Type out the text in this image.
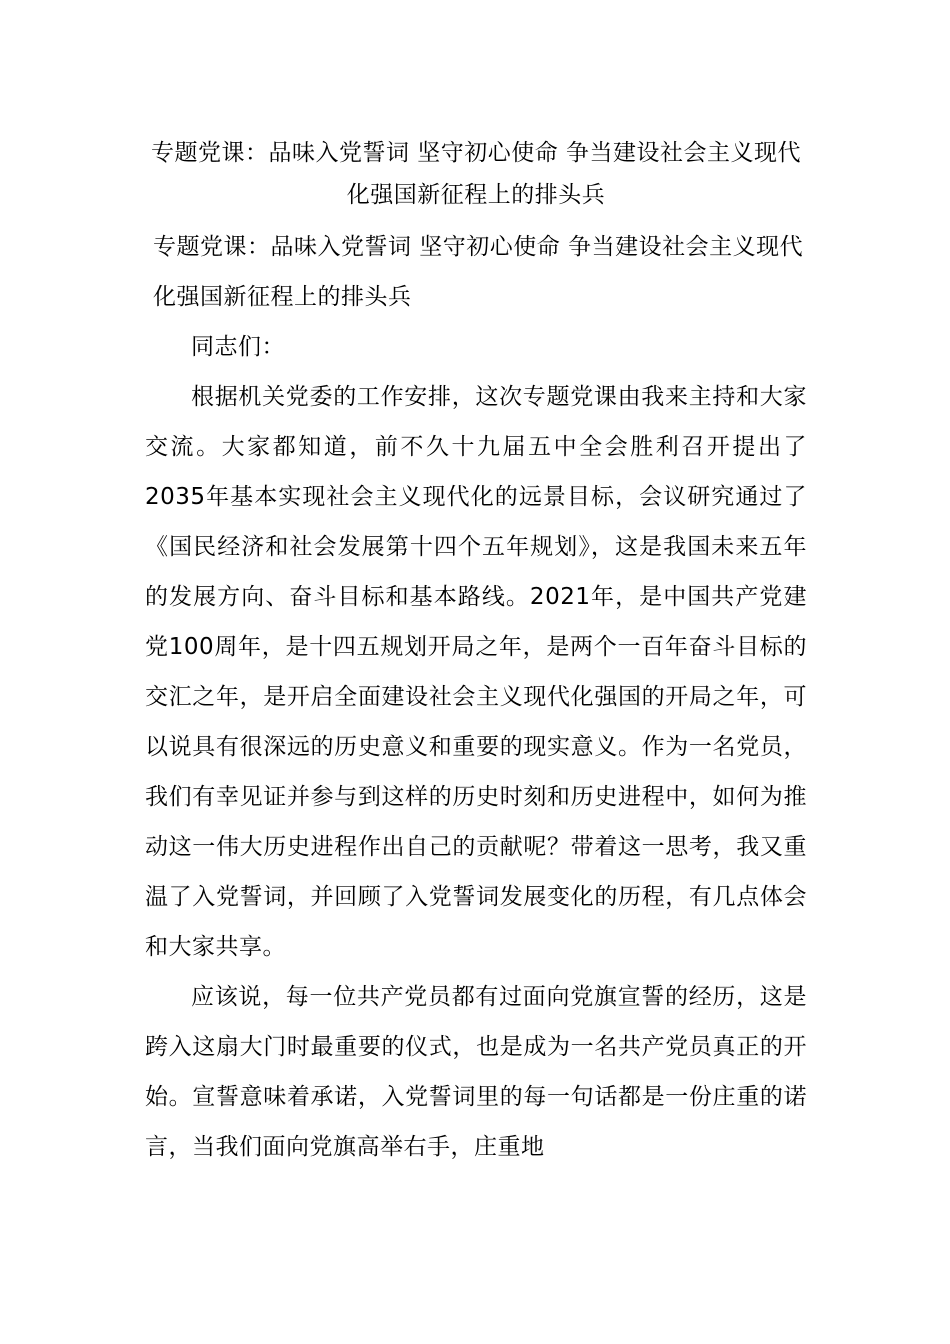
专题党课：品味入党誓词 坚守初心使命 争当建设社会主义现代化强国新征程上的排头兵

专题党课：品味入党誓词 坚守初心使命 争当建设社会主义现代化强国新征程上的排头兵

同志们：

根据机关党委的工作安排，这次专题党课由我来主持和大家交流。大家都知道，前不久十九届五中全会胜利召开提出了2035年基本实现社会主义现代化的远景目标，会议研究通过了《国民经济和社会发展第十四个五年规划》，这是我国未来五年的发展方向、奋斗目标和基本路线。2021年，是中国共产党建党100周年，是十四五规划开局之年，是两个一百年奋斗目标的交汇之年，是开启全面建设社会主义现代化强国的开局之年，可以说具有很深远的历史意义和重要的现实意义。作为一名党员，我们有幸见证并参与到这样的历史时刻和历史进程中，如何为推动这一伟大历史进程作出自己的贡献呢？带着这一思考，我又重温了入党誓词，并回顾了入党誓词发展变化的历程，有几点体会和大家共享。

应该说，每一位共产党员都有过面向党旗宣誓的经历，这是跨入这扇大门时最重要的仪式，也是成为一名共产党员真正的开始。宣誓意味着承诺，入党誓词里的每一句话都是一份庄重的诺言，当我们面向党旗高举右手，庄重地
